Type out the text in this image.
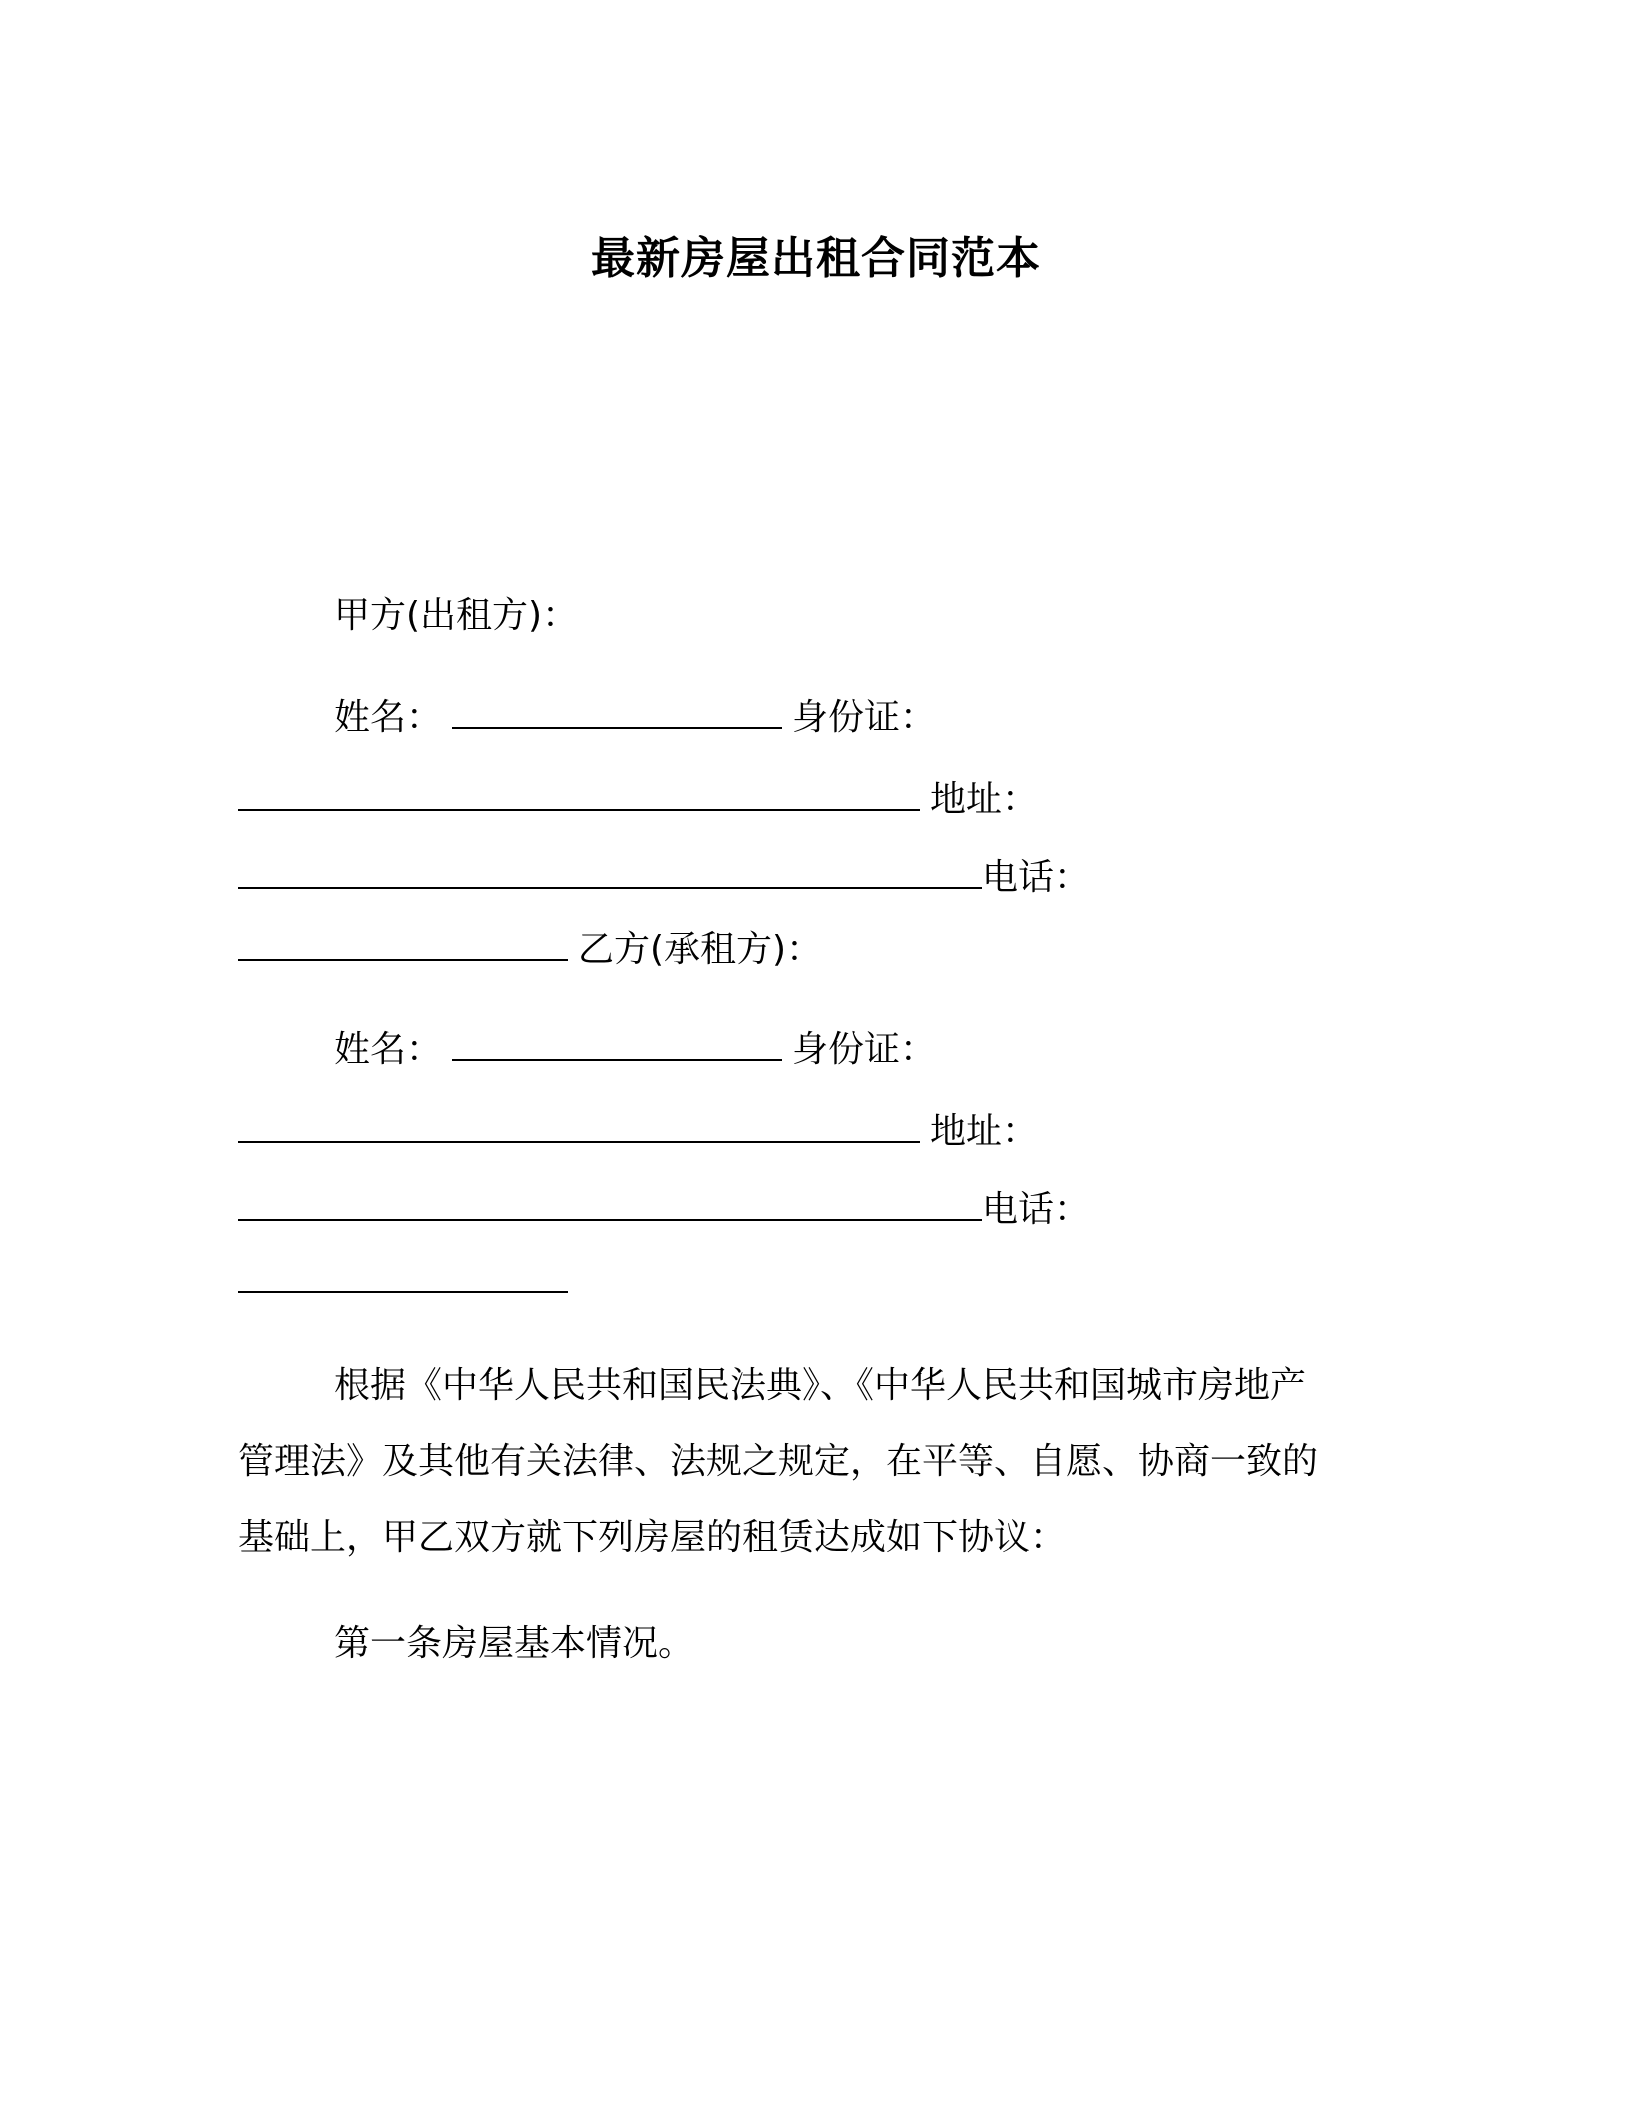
最新房屋出租合同范本
甲方(出租方)：
姓名：	身份证：
地址：
电话：
乙方(承租方)：
姓名：	身份证：
地址：
电话：
根据《中华人民共和国民法典》、《中华人民共和国城市房地产
管理法》及其他有关法律、法规之规定，在平等、自愿、协商一致的
基础上，甲乙双方就下列房屋的租赁达成如下协议：
第一条房屋基本情况。
